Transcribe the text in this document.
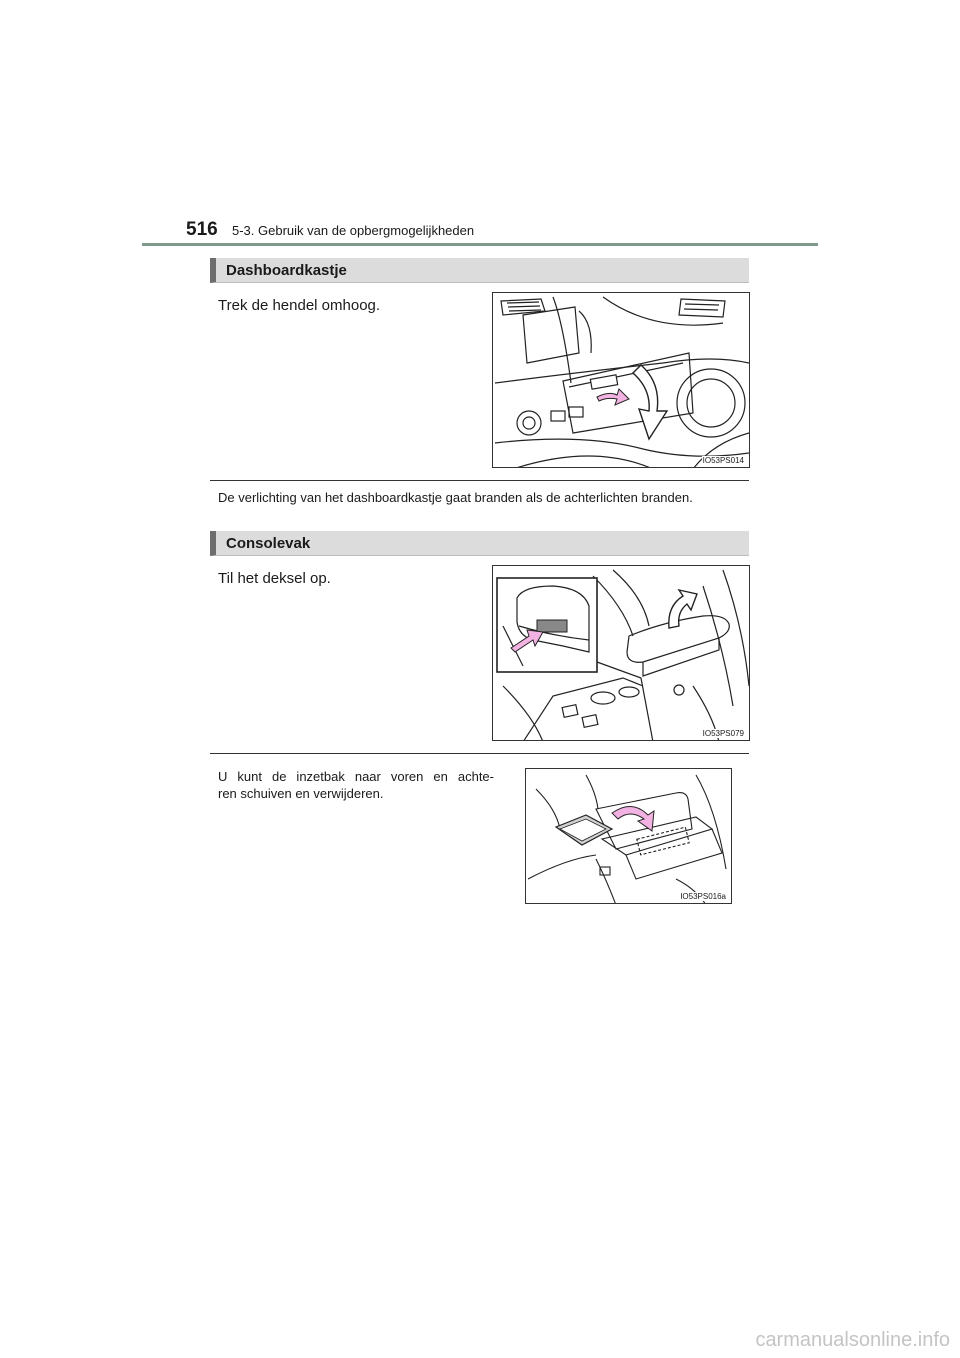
516 5-3. Gebruik van de opbergmogelijkheden
Dashboardkastje
Trek de hendel omhoog.
IO53PS014
De verlichting van het dashboardkastje gaat branden als de achterlichten branden.
Consolevak
Til het deksel op.
IO53PS079
U kunt de inzetbak naar voren en achte-
ren schuiven en verwijderen.
IO53PS016a
carmanualsonline.info
